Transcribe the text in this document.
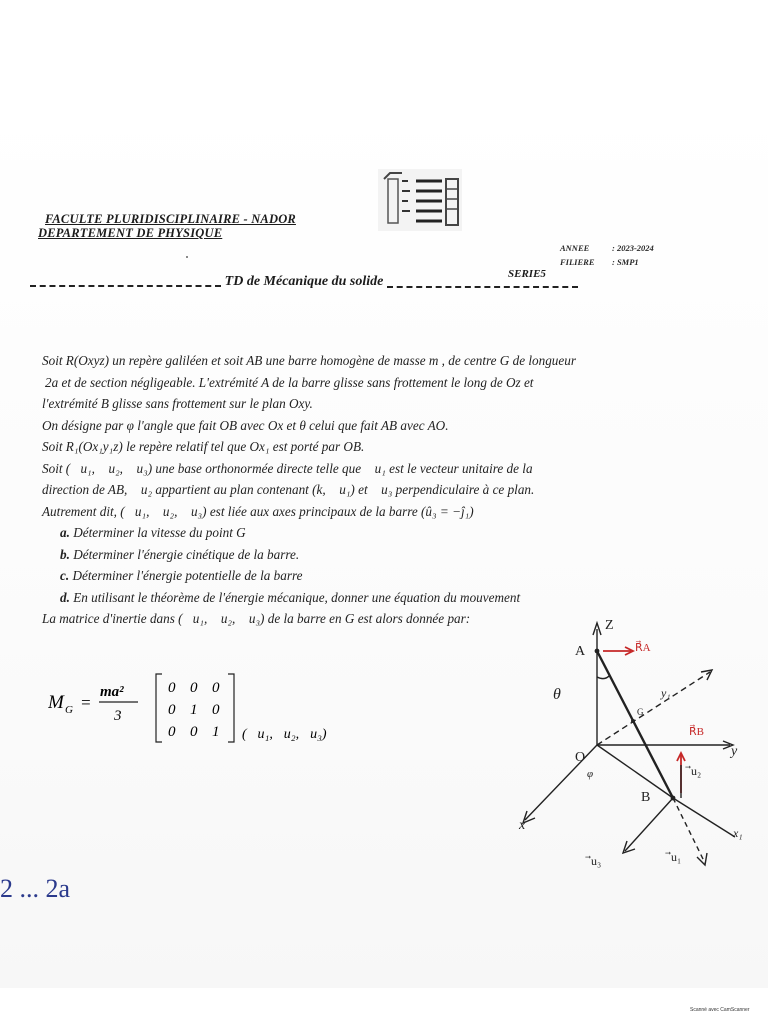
FACULTE PLURIDISCIPLINAIRE - NADOR
DEPARTEMENT DE PHYSIQUE
ANNEE	: 2023-2024
FILIERE	: SMP1
SERIE5
TD de Mécanique du solide

Soit R(Oxyz) un repère galiléen et soit AB une barre homogène de masse m , de centre G de longueur

2a et de section négligeable. L'extrémité A de la barre glisse sans frottement le long de Oz et

l'extrémité B glisse sans frottement sur le plan Oxy.

On désigne par φ l'angle que fait OB avec Ox et θ celui que fait AB avec AO.

Soit R₁(Ox₁y₁z) le repère relatif tel que Ox₁ est porté par OB.

Soit (⃗u₁, ⃗u₂, ⃗u₃) une base orthonormée directe telle que ⃗u₁ est le vecteur unitaire de la

direction de AB, ⃗u₂ appartient au plan contenant (k, ⃗u₁) et ⃗u₃ perpendiculaire à ce plan.

Autrement dit, (⃗u₁, ⃗u₂, ⃗u₃) est liée aux axes principaux de la barre (û₃ = −ĵ₁)

a. Déterminer la vitesse du point G

b. Déterminer l'énergie cinétique de la barre.

c. Déterminer l'énergie potentielle de la barre

d. En utilisant le théorème de l'énergie mécanique, donner une équation du mouvement

La matrice d'inertie dans (⃗u₁, ⃗u₂, ⃗u₃) de la barre en G est alors donnée par:

M G =
ma²
3
0 0 0
0 1 0
0 0 1 (⃗u₁,⃗u₂,⃗u₃)
Z
A
O
B
x
y
x₁
y₁
θ
φ
R⃗A
R⃗B
⃗u₂
⃗u₁
⃗u₃
G
2 ... 2a
Scanné avec CamScanner
